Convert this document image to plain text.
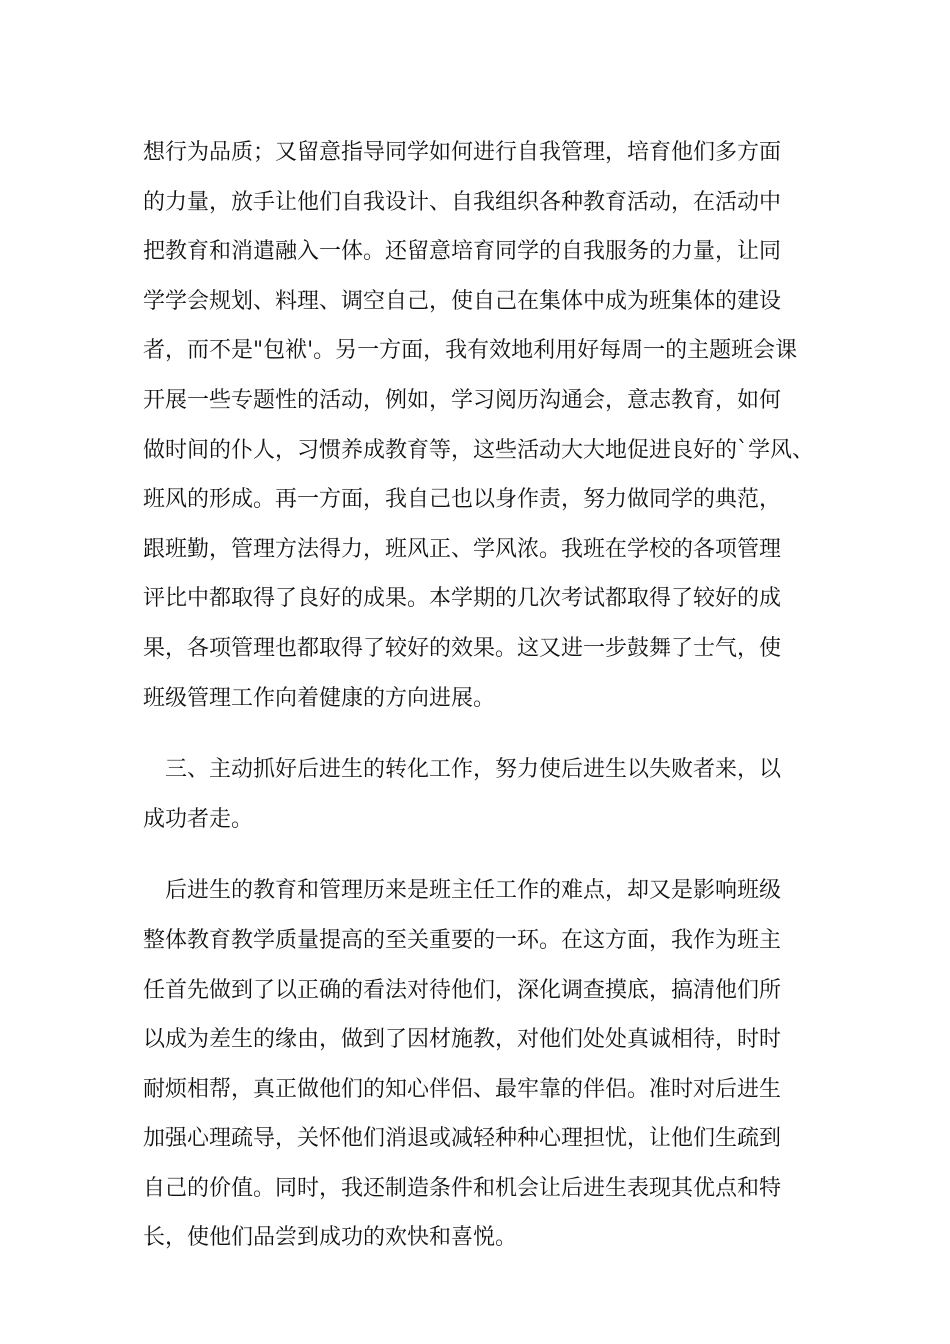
想行为品质；又留意指导同学如何进行自我管理，培育他们多方面
的力量，放手让他们自我设计、自我组织各种教育活动，在活动中
把教育和消遣融入一体。还留意培育同学的自我服务的力量，让同
学学会规划、料理、调空自己，使自己在集体中成为班集体的建设
者，而不是"包袱'。另一方面，我有效地利用好每周一的主题班会课
开展一些专题性的活动，例如，学习阅历沟通会，意志教育，如何
做时间的仆人，习惯养成教育等，这些活动大大地促进良好的`学风、
班风的形成。再一方面，我自己也以身作责，努力做同学的典范，
跟班勤，管理方法得力，班风正、学风浓。我班在学校的各项管理
评比中都取得了良好的成果。本学期的几次考试都取得了较好的成
果，各项管理也都取得了较好的效果。这又进一步鼓舞了士气，使
班级管理工作向着健康的方向进展。
　三、主动抓好后进生的转化工作，努力使后进生以失败者来，以
成功者走。
　后进生的教育和管理历来是班主任工作的难点，却又是影响班级
整体教育教学质量提高的至关重要的一环。在这方面，我作为班主
任首先做到了以正确的看法对待他们，深化调查摸底，搞清他们所
以成为差生的缘由，做到了因材施教，对他们处处真诚相待，时时
耐烦相帮，真正做他们的知心伴侣、最牢靠的伴侣。准时对后进生
加强心理疏导，关怀他们消退或减轻种种心理担忧，让他们生疏到
自己的价值。同时，我还制造条件和机会让后进生表现其优点和特
长，使他们品尝到成功的欢快和喜悦。
